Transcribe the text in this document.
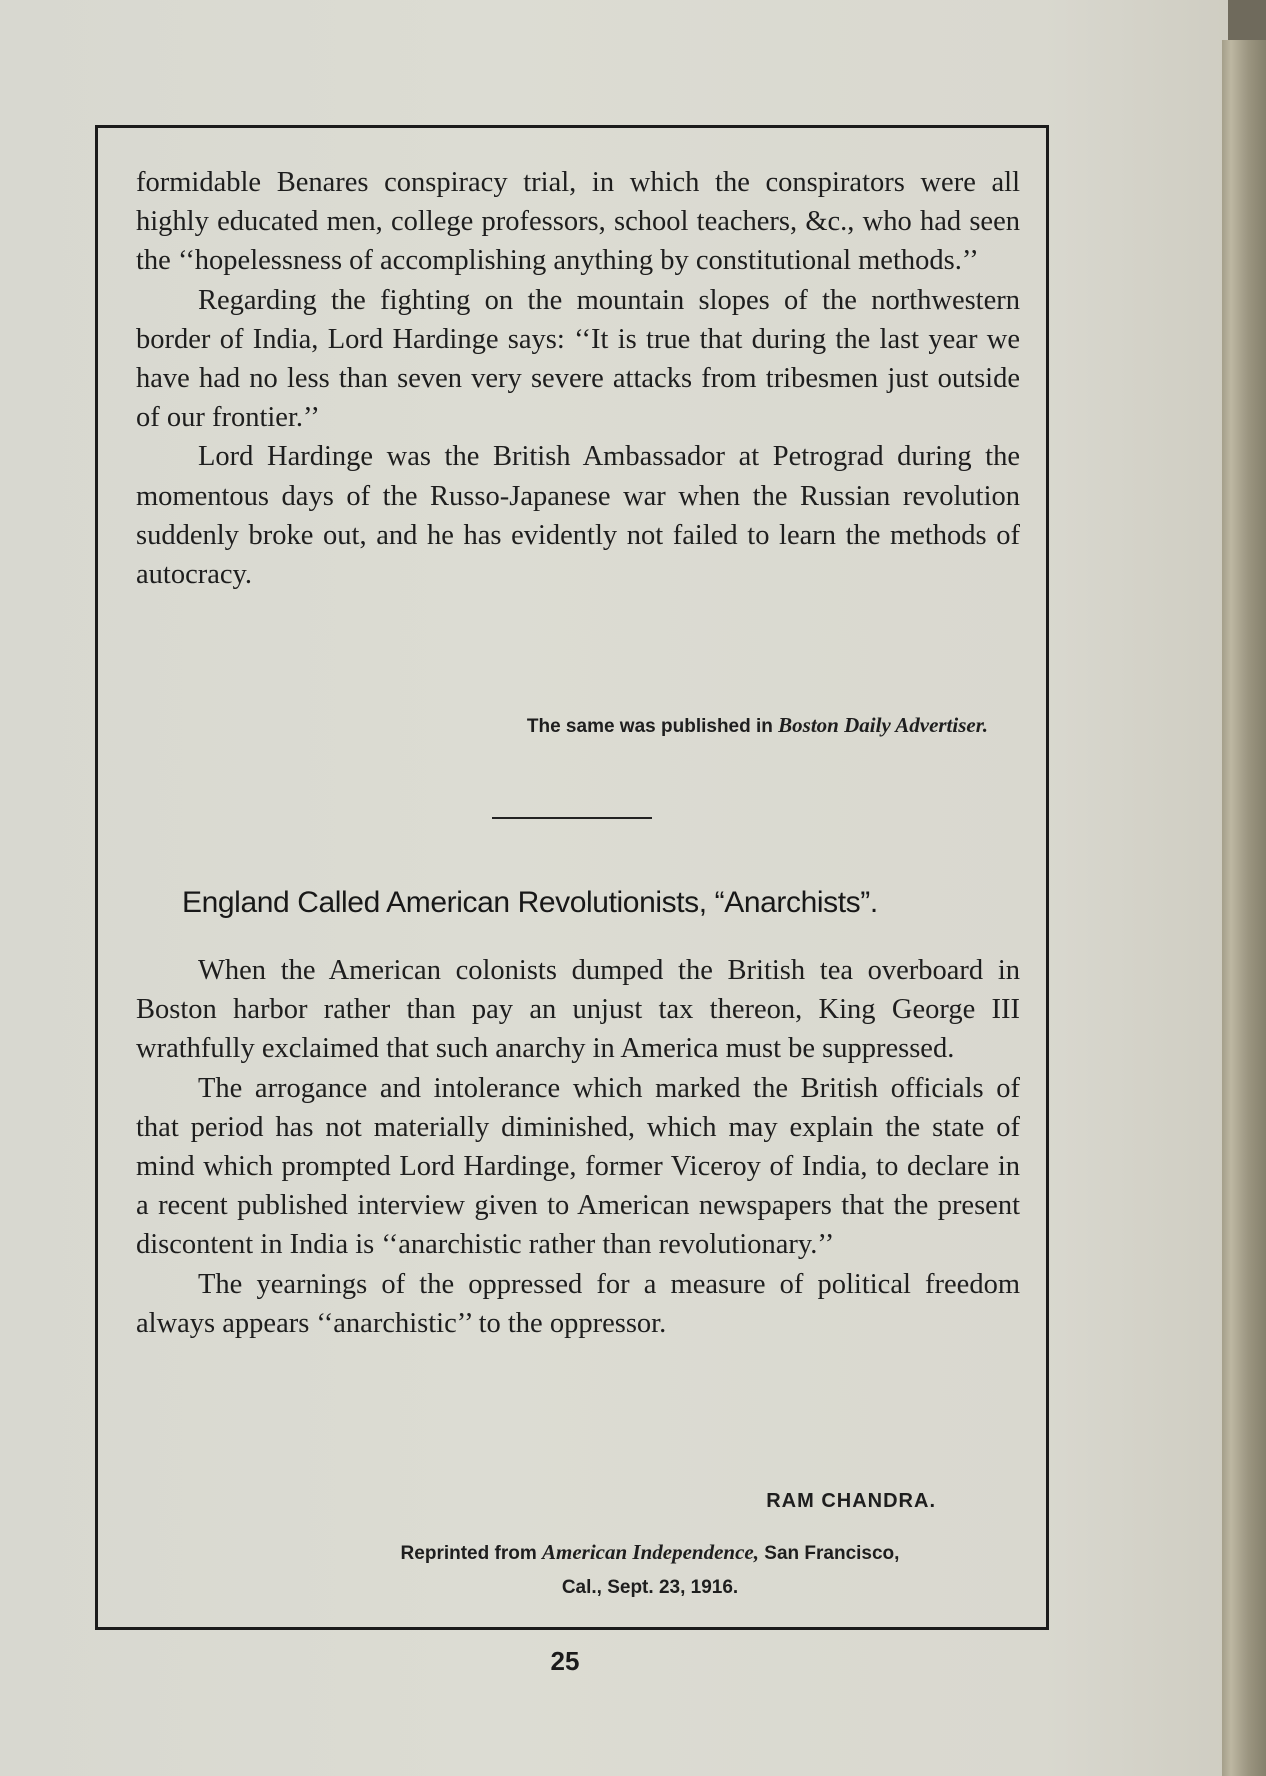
formidable Benares conspiracy trial, in which the conspirators were all highly educated men, college professors, school teachers, &c., who had seen the ‘‘hopelessness of accomplishing anything by constitutional methods.’’

Regarding the fighting on the mountain slopes of the northwestern border of India, Lord Hardinge says: ‘‘It is true that during the last year we have had no less than seven very severe attacks from tribesmen just outside of our frontier.’’

Lord Hardinge was the British Ambassador at Petrograd during the momentous days of the Russo-Japanese war when the Russian revolution suddenly broke out, and he has evidently not failed to learn the methods of autocracy.

The same was published in Boston Daily Advertiser.
England Called American Revolutionists, “Anarchists”.

When the American colonists dumped the British tea overboard in Boston harbor rather than pay an unjust tax thereon, King George III wrathfully exclaimed that such anarchy in America must be suppressed.

The arrogance and intolerance which marked the British officials of that period has not materially diminished, which may explain the state of mind which prompted Lord Hardinge, former Viceroy of India, to declare in a recent published interview given to American newspapers that the present discontent in India is ‘‘anarchistic rather than revolutionary.’’

The yearnings of the oppressed for a measure of political freedom always appears ‘‘anarchistic’’ to the oppressor.

RAM CHANDRA.
Reprinted from American Independence, San Francisco,
Cal., Sept. 23, 1916.
25
